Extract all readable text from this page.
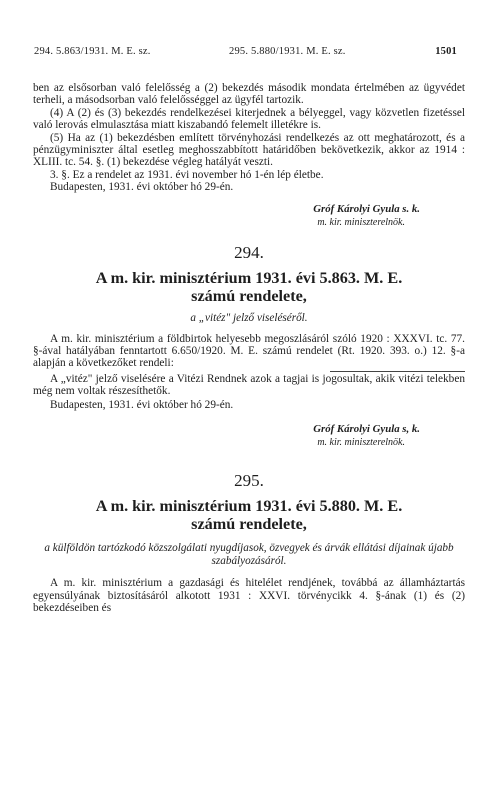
294. 5.863/1931. M. E. sz.	295. 5.880/1931. M. E. sz.	1501

ben az elsősorban való felelősség a (2) bekezdés második mondata értelmében az ügyvédet terheli, a másodsorban való felelősséggel az ügyfél tartozik.

(4) A (2) és (3) bekezdés rendelkezései kiterjednek a bélyeggel, vagy közvetlen fizetéssel való lerovás elmulasztása miatt kiszabandó felemelt illetékre is.

(5) Ha az (1) bekezdésben említett törvényhozási rendelkezés az ott meghatározott, és a pénzügyminiszter által esetleg meghosszabbított határidőben bekövetkezik, akkor az 1914 : XLIII. tc. 54. §. (1) bekezdése végleg hatályát veszti.

3. §. Ez a rendelet az 1931. évi november hó 1-én lép életbe.

Budapesten, 1931. évi október hó 29-én.

Gróf Károlyi Gyula s. k.
m. kir. miniszterelnök.
294.
A m. kir. minisztérium 1931. évi 5.863. M. E.
számú rendelete,
a „vitéz" jelző viseléséről.

A m. kir. minisztérium a földbirtok helyesebb megoszlásáról szóló 1920 : XXXVI. tc. 77. §-ával hatályában fenntartott 6.650/1920. M. E. számú rendelet (Rt. 1920. 393. o.) 12. §-a alapján a következőket rendeli:

A „vitéz" jelző viselésére a Vitézi Rendnek azok a tagjai is jogosultak, akik vitézi telekben még nem voltak részesíthetők.

Budapesten, 1931. évi október hó 29-én.

Gróf Károlyi Gyula s, k.
m. kir. miniszterelnök.
295.
A m. kir. minisztérium 1931. évi 5.880. M. E.
számú rendelete,
a külföldön tartózkodó közszolgálati nyugdíjasok, özvegyek és árvák ellátási díjainak újabb szabályozásáról.

A m. kir. minisztérium a gazdasági és hitelélet rendjének, továbbá az államháztartás egyensúlyának biztosításáról alkotott 1931 : XXVI. törvénycikk 4. §-ának (1) és (2) bekezdéseiben és
